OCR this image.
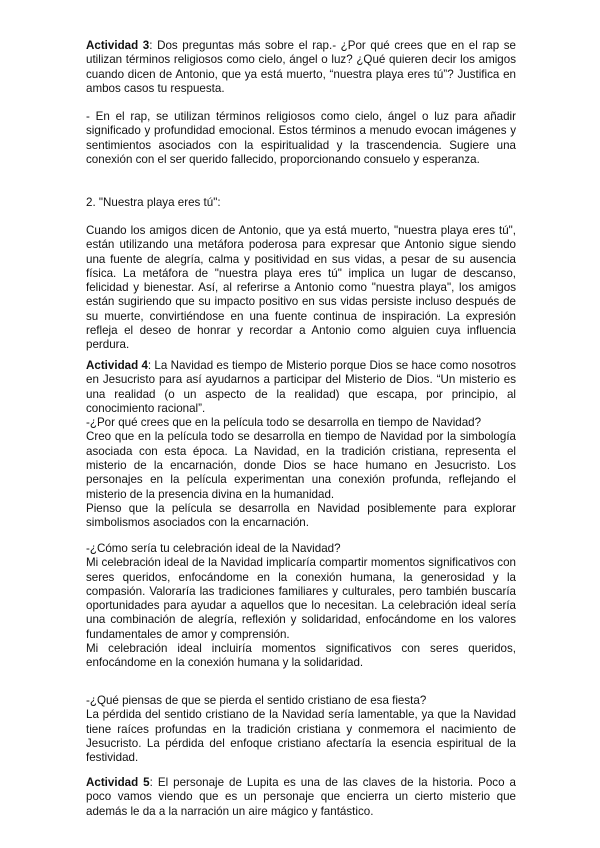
Actividad 3: Dos preguntas más sobre el rap.- ¿Por qué crees que en el rap se utilizan términos religiosos como cielo, ángel o luz? ¿Qué quieren decir los amigos cuando dicen de Antonio, que ya está muerto, “nuestra playa eres tú”? Justifica en ambos casos tu respuesta.

- En el rap, se utilizan términos religiosos como cielo, ángel o luz para añadir significado y profundidad emocional. Estos términos a menudo evocan imágenes y sentimientos asociados con la espiritualidad y la trascendencia. Sugiere una conexión con el ser querido fallecido, proporcionando consuelo y esperanza.

2. "Nuestra playa eres tú":

Cuando los amigos dicen de Antonio, que ya está muerto, "nuestra playa eres tú", están utilizando una metáfora poderosa para expresar que Antonio sigue siendo una fuente de alegría, calma y positividad en sus vidas, a pesar de su ausencia física. La metáfora de "nuestra playa eres tú" implica un lugar de descanso, felicidad y bienestar. Así, al referirse a Antonio como "nuestra playa", los amigos están sugiriendo que su impacto positivo en sus vidas persiste incluso después de su muerte, convirtiéndose en una fuente continua de inspiración. La expresión refleja el deseo de honrar y recordar a Antonio como alguien cuya influencia perdura.

Actividad 4: La Navidad es tiempo de Misterio porque Dios se hace como nosotros en Jesucristo para así ayudarnos a participar del Misterio de Dios. “Un misterio es una realidad (o un aspecto de la realidad) que escapa, por principio, al conocimiento racional”.

-¿Por qué crees que en la película todo se desarrolla en tiempo de Navidad?

Creo que en la película todo se desarrolla en tiempo de Navidad por la simbología asociada con esta época. La Navidad, en la tradición cristiana, representa el misterio de la encarnación, donde Dios se hace humano en Jesucristo. Los personajes en la película experimentan una conexión profunda, reflejando el misterio de la presencia divina en la humanidad.

Pienso que la película se desarrolla en Navidad posiblemente para explorar simbolismos asociados con la encarnación.

-¿Cómo sería tu celebración ideal de la Navidad?

Mi celebración ideal de la Navidad implicaría compartir momentos significativos con seres queridos, enfocándome en la conexión humana, la generosidad y la compasión. Valoraría las tradiciones familiares y culturales, pero también buscaría oportunidades para ayudar a aquellos que lo necesitan. La celebración ideal sería una combinación de alegría, reflexión y solidaridad, enfocándome en los valores fundamentales de amor y comprensión.

Mi celebración ideal incluiría momentos significativos con seres queridos, enfocándome en la conexión humana y la solidaridad.

-¿Qué piensas de que se pierda el sentido cristiano de esa fiesta?

La pérdida del sentido cristiano de la Navidad sería lamentable, ya que la Navidad tiene raíces profundas en la tradición cristiana y conmemora el nacimiento de Jesucristo. La pérdida del enfoque cristiano afectaría la esencia espiritual de la festividad.

Actividad 5: El personaje de Lupita es una de las claves de la historia. Poco a poco vamos viendo que es un personaje que encierra un cierto misterio que además le da a la narración un aire mágico y fantástico.
